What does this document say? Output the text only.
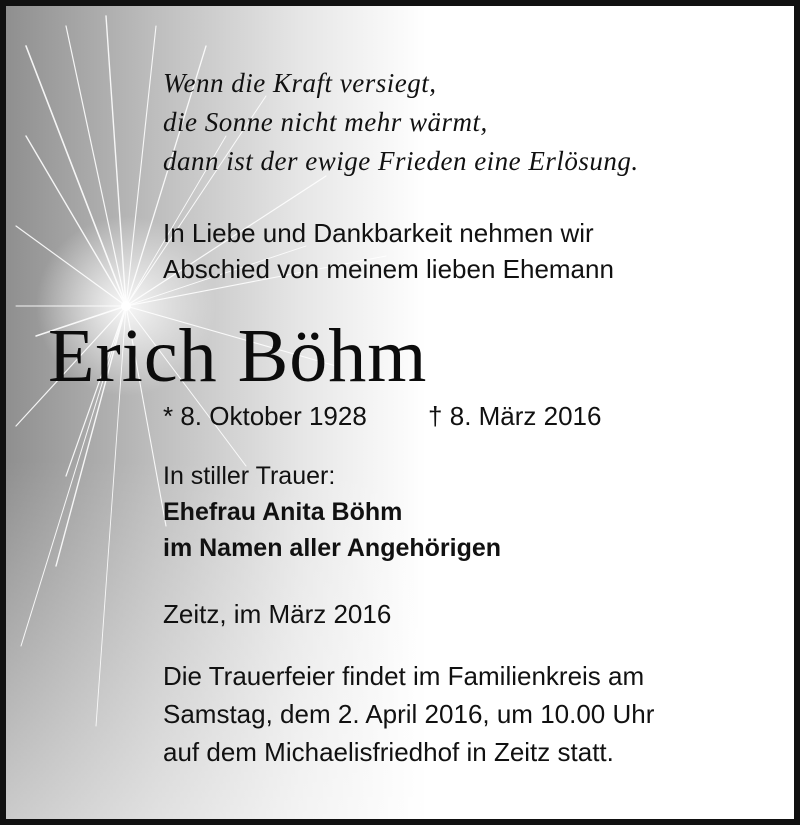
Wenn die Kraft versiegt,
die Sonne nicht mehr wärmt,
dann ist der ewige Frieden eine Erlösung.
In Liebe und Dankbarkeit nehmen wir
Abschied von meinem lieben Ehemann
Erich Böhm
* 8. Oktober 1928 † 8. März 2016
In stiller Trauer:
Ehefrau Anita Böhm
im Namen aller Angehörigen
Zeitz, im März 2016
Die Trauerfeier findet im Familienkreis am
Samstag, dem 2. April 2016, um 10.00 Uhr
auf dem Michaelisfriedhof in Zeitz statt.
